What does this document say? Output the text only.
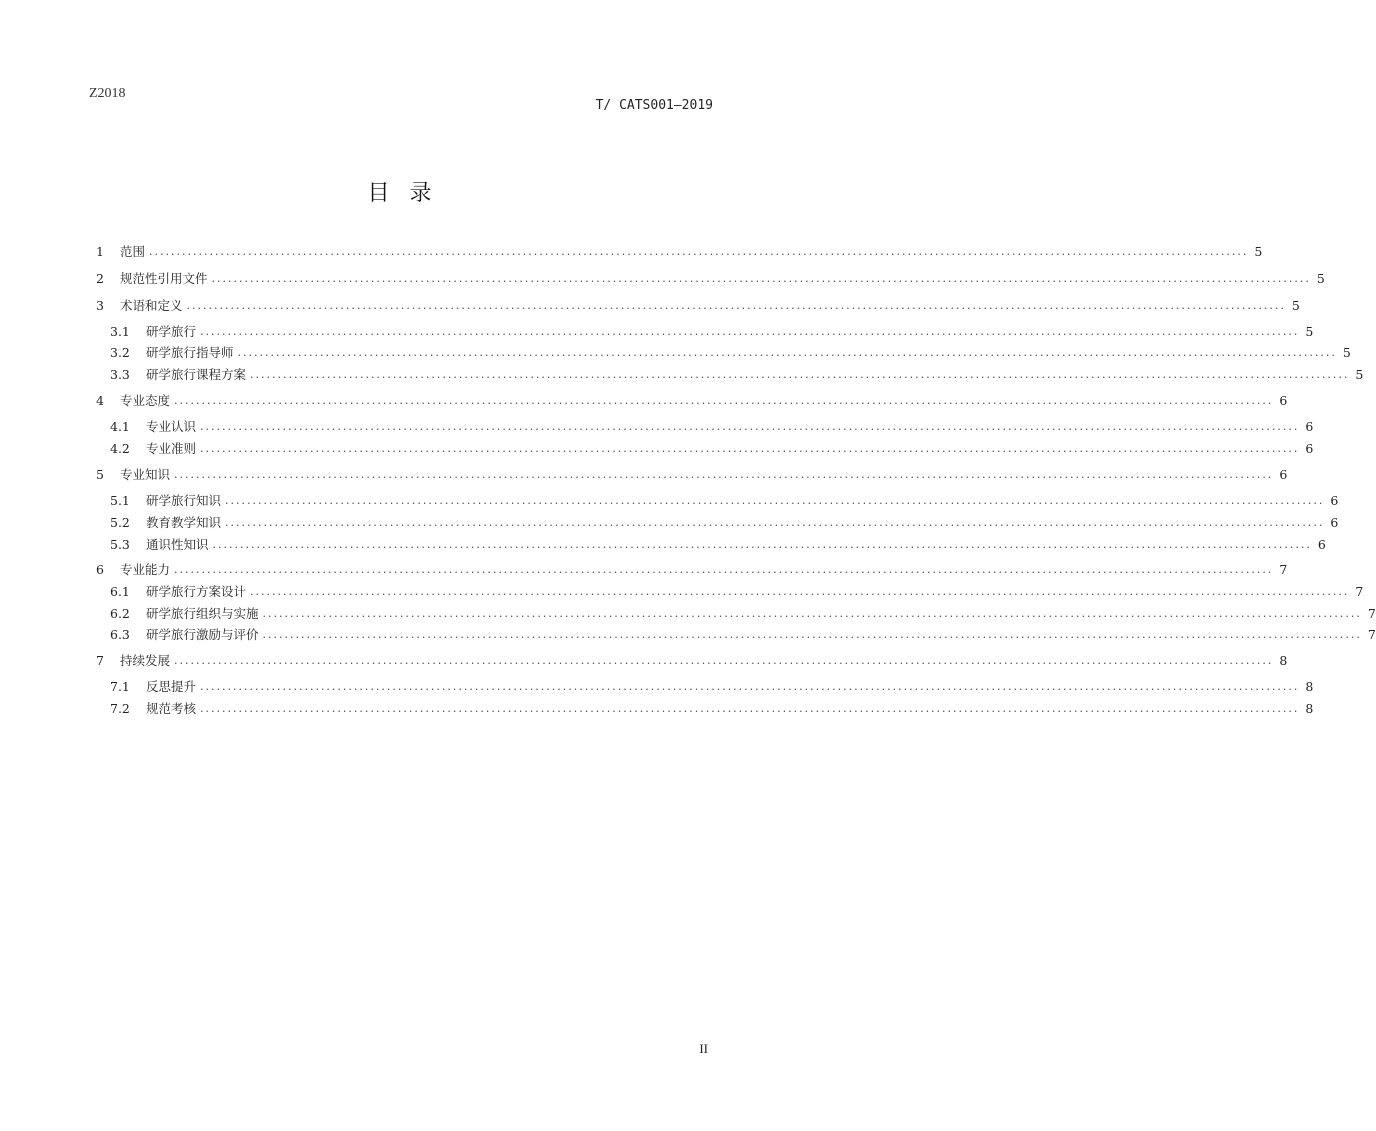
Z2018
T/ CATS001—2019
目录
1	范围 ........................................................................................................................................................................................................ 5
2	规范性引用文件 ........................................................................................................................................................................................................ 5
3	术语和定义 ........................................................................................................................................................................................................ 5
3.1	研学旅行 ........................................................................................................................................................................................................ 5
3.2	研学旅行指导师 ........................................................................................................................................................................................................ 5
3.3	研学旅行课程方案 ........................................................................................................................................................................................................ 5
4	专业态度 ........................................................................................................................................................................................................ 6
4.1	专业认识 ........................................................................................................................................................................................................ 6
4.2	专业准则 ........................................................................................................................................................................................................ 6
5	专业知识 ........................................................................................................................................................................................................ 6
5.1	研学旅行知识 ........................................................................................................................................................................................................ 6
5.2	教育教学知识 ........................................................................................................................................................................................................ 6
5.3	通识性知识 ........................................................................................................................................................................................................ 6
6	专业能力 ........................................................................................................................................................................................................ 7
6.1	研学旅行方案设计 ........................................................................................................................................................................................................ 7
6.2	研学旅行组织与实施 ........................................................................................................................................................................................................ 7
6.3	研学旅行激励与评价 ........................................................................................................................................................................................................ 7
7	持续发展 ........................................................................................................................................................................................................ 8
7.1	反思提升 ........................................................................................................................................................................................................ 8
7.2	规范考核 ........................................................................................................................................................................................................ 8
II
